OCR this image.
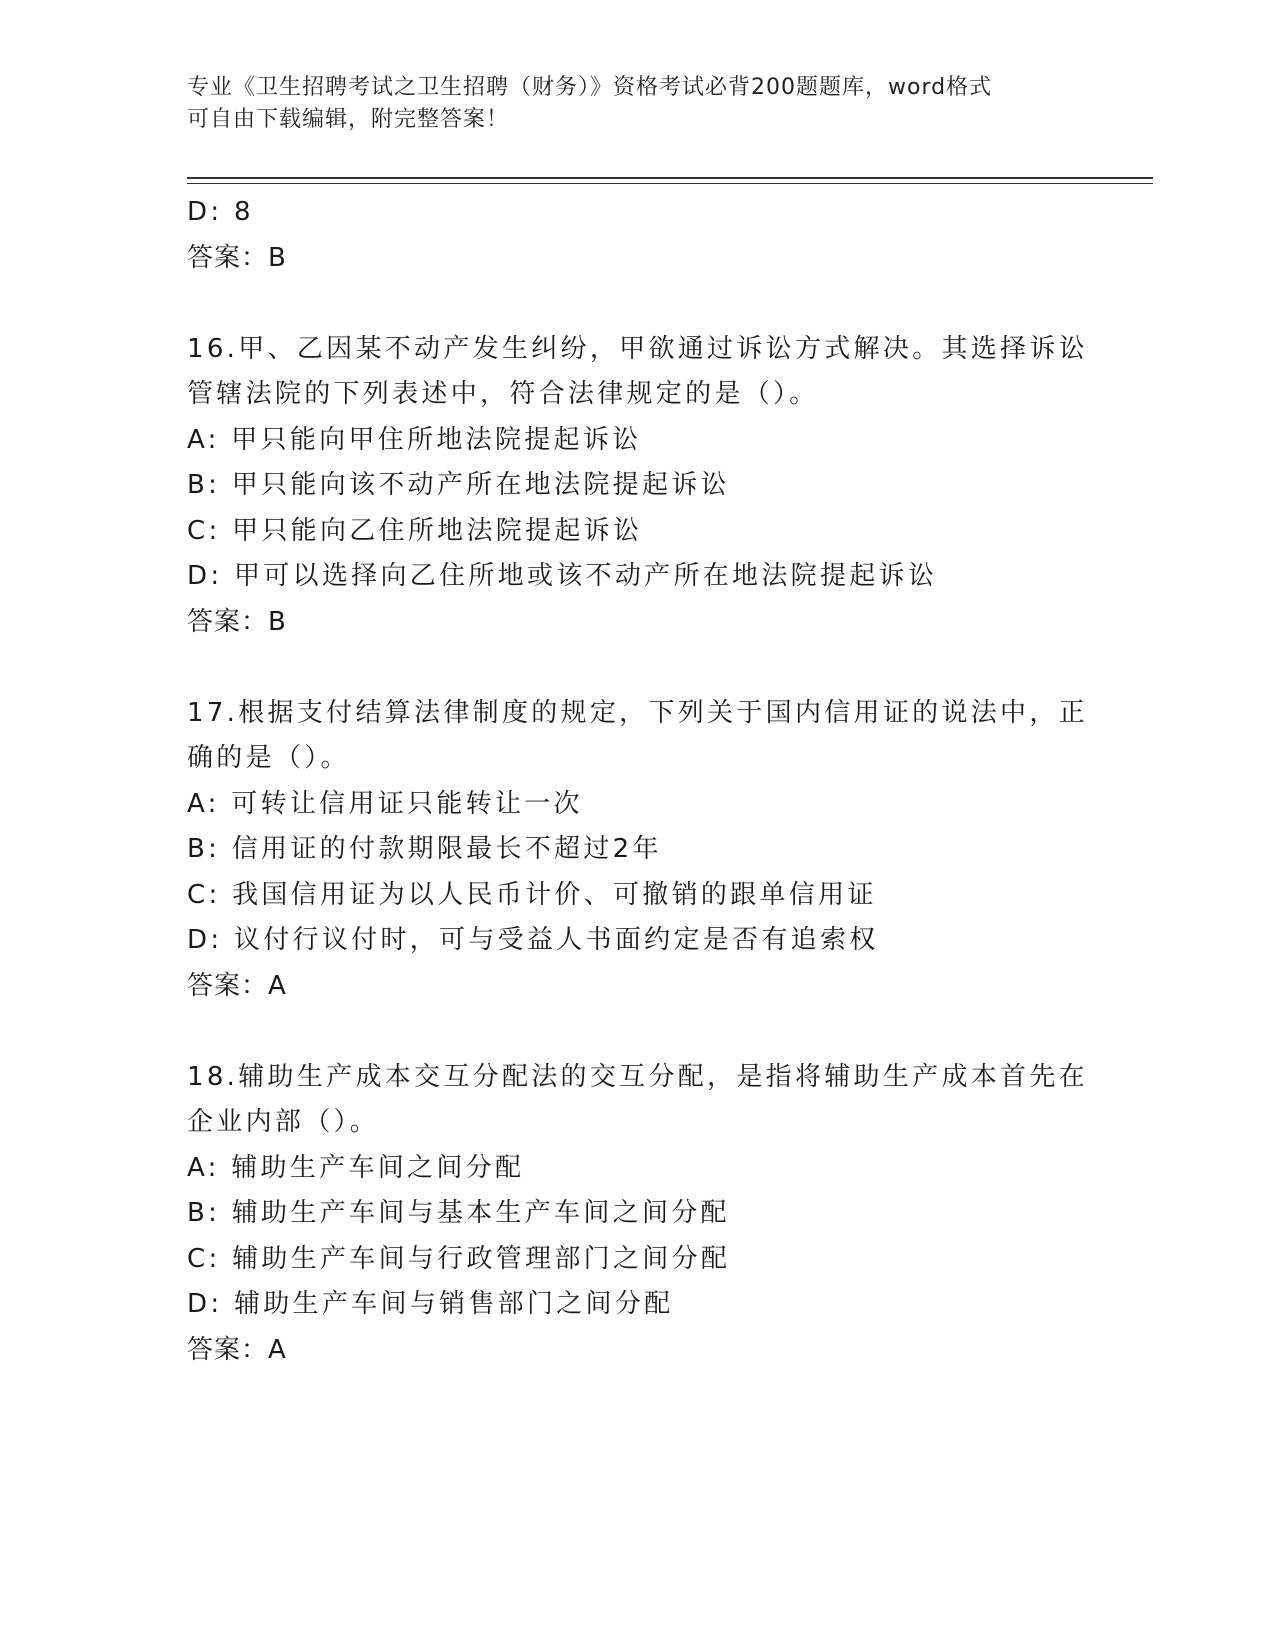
专业《卫生招聘考试之卫生招聘（财务）》资格考试必背200题题库，word格式
可自由下载编辑，附完整答案！
D: 8
答案：B
16.甲、乙因某不动产发生纠纷，甲欲通过诉讼方式解决。其选择诉讼
管辖法院的下列表述中，符合法律规定的是（）。
A: 甲只能向甲住所地法院提起诉讼
B: 甲只能向该不动产所在地法院提起诉讼
C: 甲只能向乙住所地法院提起诉讼
D: 甲可以选择向乙住所地或该不动产所在地法院提起诉讼
答案：B
17.根据支付结算法律制度的规定，下列关于国内信用证的说法中，正
确的是（）。
A: 可转让信用证只能转让一次
B: 信用证的付款期限最长不超过2年
C: 我国信用证为以人民币计价、可撤销的跟单信用证
D: 议付行议付时，可与受益人书面约定是否有追索权
答案：A
18.辅助生产成本交互分配法的交互分配，是指将辅助生产成本首先在
企业内部（）。
A: 辅助生产车间之间分配
B: 辅助生产车间与基本生产车间之间分配
C: 辅助生产车间与行政管理部门之间分配
D: 辅助生产车间与销售部门之间分配
答案：A
